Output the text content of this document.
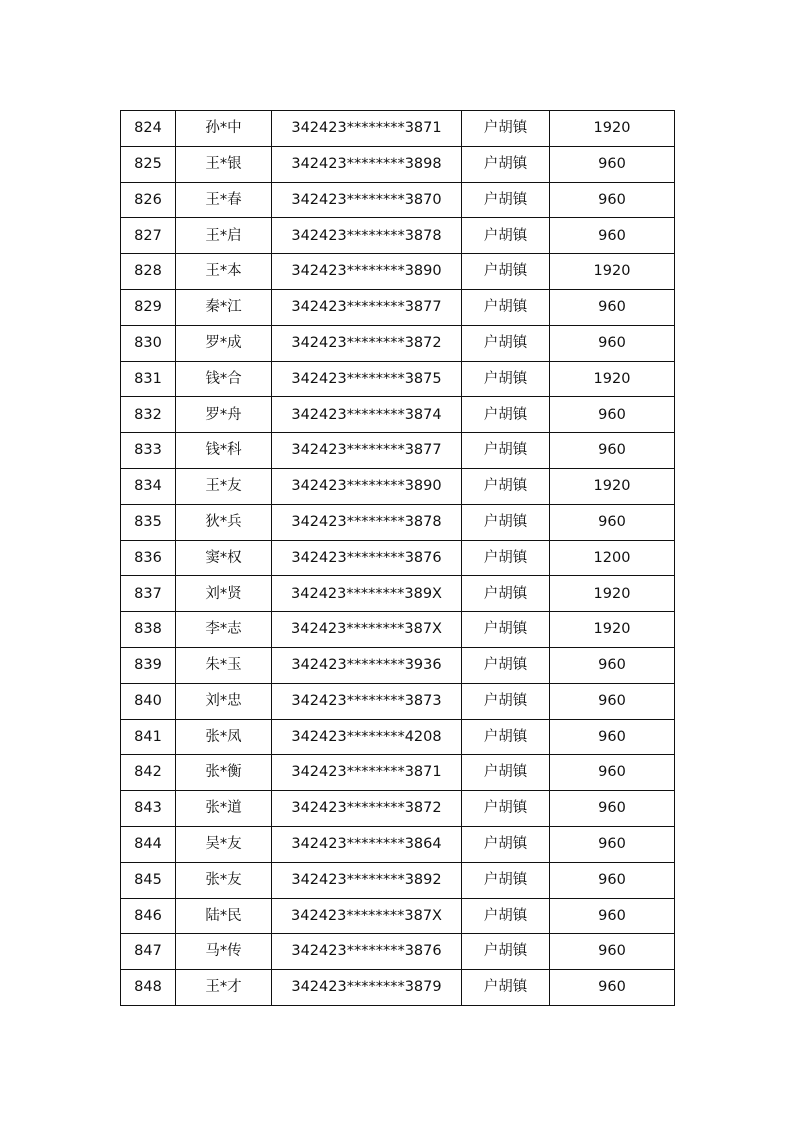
824	孙*中	342423********3871	户胡镇	1920
825	王*银	342423********3898	户胡镇	960
826	王*春	342423********3870	户胡镇	960
827	王*启	342423********3878	户胡镇	960
828	王*本	342423********3890	户胡镇	1920
829	秦*江	342423********3877	户胡镇	960
830	罗*成	342423********3872	户胡镇	960
831	钱*合	342423********3875	户胡镇	1920
832	罗*舟	342423********3874	户胡镇	960
833	钱*科	342423********3877	户胡镇	960
834	王*友	342423********3890	户胡镇	1920
835	狄*兵	342423********3878	户胡镇	960
836	窦*权	342423********3876	户胡镇	1200
837	刘*贤	342423********389X	户胡镇	1920
838	李*志	342423********387X	户胡镇	1920
839	朱*玉	342423********3936	户胡镇	960
840	刘*忠	342423********3873	户胡镇	960
841	张*凤	342423********4208	户胡镇	960
842	张*衡	342423********3871	户胡镇	960
843	张*道	342423********3872	户胡镇	960
844	吴*友	342423********3864	户胡镇	960
845	张*友	342423********3892	户胡镇	960
846	陆*民	342423********387X	户胡镇	960
847	马*传	342423********3876	户胡镇	960
848	王*才	342423********3879	户胡镇	960
